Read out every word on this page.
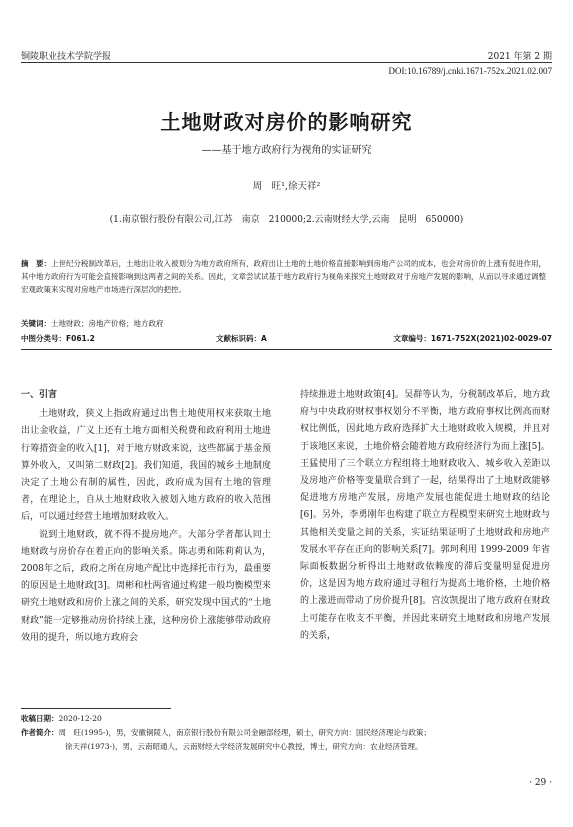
铜陵职业技术学院学报	2021 年第 2 期
DOI:10.16789/j.cnki.1671-752x.2021.02.007
土地财政对房价的影响研究
——基于地方政府行为视角的实证研究
周　旺¹,徐天祥²
(1.南京银行股份有限公司,江苏　南京　210000;2.云南财经大学,云南　昆明　650000)
摘　要：上世纪分税制改革后，土地出让收入被划分为地方政府所有，政府出让土地的土地价格直接影响到房地产公司的成本，也会对房价的上涨有促进作用，其中地方政府行为可能会直接影响到这两者之间的关系。因此，文章尝试试基于地方政府行为视角来探究土地财政对于房地产发展的影响，从而以寻求通过调整宏观政策来实现对房地产市场进行深层次的把控。
关键词：土地财政；房地产价格；地方政府
中图分类号：F061.2	文献标识码：A	文章编号：1671-752X(2021)02-0029-07
一、引言

土地财政，狭义上指政府通过出售土地使用权来获取土地出让金收益，广义上还有土地方面相关税费和政府利用土地进行筹措资金的收入[1]，对于地方财政来说，这些都属于基金预算外收入，又叫第二财政[2]。我们知道，我国的城乡土地制度决定了土地公有制的属性，因此，政府成为国有土地的管理者，在理论上，自从土地财政收入被划入地方政府的收入范围后，可以通过经营土地增加财政收入。

说到土地财政，就不得不提房地产。大部分学者都认同土地财政与房价存在着正向的影响关系。陈志勇和陈莉莉认为，2008年之后，政府之所在房地产配比中选择托市行为，最重要的原因是土地财政[3]。周彬和杜两省通过构建一般均衡模型来研究土地财政和房价上涨之间的关系，研究发现中国式的“土地财政”能一定够推动房价持续上涨，这种房价上涨能够带动政府效用的提升，所以地方政府会

持续推进土地财政策[4]。吴群等认为，分税制改革后，地方政府与中央政府财权事权划分不平衡，地方政府事权比例高而财权比例低，因此地方政府选择扩大土地财政收入规模，并且对于该地区来说，土地价格会随着地方政府经济行为而上涨[5]。王猛使用了三个联立方程组将土地财政收入、城乡收入差距以及房地产价格等变量联合到了一起，结果得出了土地财政能够促进地方房地产发展，房地产发展也能促进土地财政的结论[6]。另外，李勇刚年也构建了联立方程模型来研究土地财政与其他相关变量之间的关系，实证结果证明了土地财政和房地产发展水平存在正向的影响关系[7]。郭珂利用 1999-2009 年省际面板数据分析得出土地财政依赖度的滞后变量明显促进房价，这是因为地方政府通过寻租行为提高土地价格，土地价格的上涨进而带动了房价提升[8]。宫汝凯提出了地方政府在财政上可能存在收支不平衡，并因此来研究土地财政和房地产发展的关系，

收稿日期：2020-12-20
作者简介：周　旺(1995-)，男，安徽铜陵人，南京银行股份有限公司金融部经理，硕士，研究方向：国民经济理论与政策；
徐天祥(1973-)，男，云南昭通人，云南财经大学经济发展研究中心教授，博士，研究方向：农业经济管理。
· 29 ·
